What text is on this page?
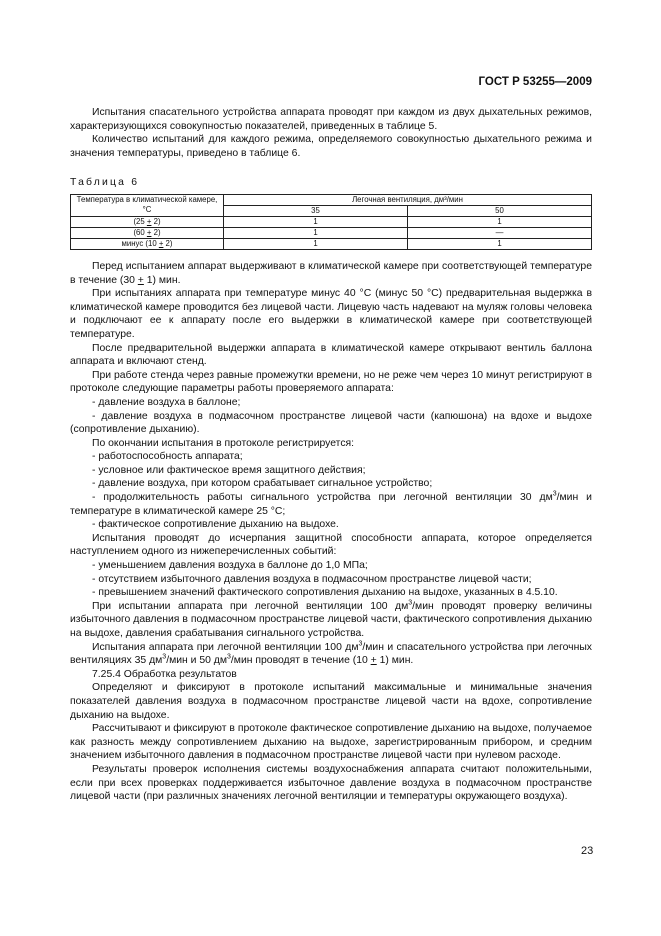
ГОСТ Р 53255—2009

Испытания спасательного устройства аппарата проводят при каждом из двух дыхательных режимов, характеризующихся совокупностью показателей, приведенных в таблице 5.

Количество испытаний для каждого режима, определяемого совокупностью дыхательного режима и значения температуры, приведено в таблице 6.

Таблица 6

Температура в климатической камере, °С	Легочная вентиляция, дм³/мин	
	35	50
(25 + 2)	1	1
(60 + 2)	1	—
минус (10 + 2)	1	1

Перед испытанием аппарат выдерживают в климатической камере при соответствующей температуре в течение (30 + 1) мин.

При испытаниях аппарата при температуре минус 40 °С (минус 50 °С) предварительная выдержка в климатической камере проводится без лицевой части. Лицевую часть надевают на муляж головы человека и подключают ее к аппарату после его выдержки в климатической камере при соответствующей температуре.

После предварительной выдержки аппарата в климатической камере открывают вентиль баллона аппарата и включают стенд.

При работе стенда через равные промежутки времени, но не реже чем через 10 минут регистрируют в протоколе следующие параметры работы проверяемого аппарата:

- давление воздуха в баллоне;

- давление воздуха в подмасочном пространстве лицевой части (капюшона) на вдохе и выдохе (сопротивление дыханию).

По окончании испытания в протоколе регистрируется:

- работоспособность аппарата;

- условное или фактическое время защитного действия;

- давление воздуха, при котором срабатывает сигнальное устройство;

- продолжительность работы сигнального устройства при легочной вентиляции 30 $дм^3$/мин и температуре в климатической камере 25 °С;

- фактическое сопротивление дыханию на выдохе.

Испытания проводят до исчерпания защитной способности аппарата, которое определяется наступлением одного из нижеперечисленных событий:

- уменьшением давления воздуха в баллоне до 1,0 МПа;

- отсутствием избыточного давления воздуха в подмасочном пространстве лицевой части;

- превышением значений фактического сопротивления дыханию на выдохе, указанных в 4.5.10.

При испытании аппарата при легочной вентиляции 100 $дм^3$/мин проводят проверку величины избыточного давления в подмасочном пространстве лицевой части, фактического сопротивления дыханию на выдохе, давления срабатывания сигнального устройства.

Испытания аппарата при легочной вентиляции 100 $дм^3$/мин и спасательного устройства при легочных вентиляциях 35 $дм^3$/мин и 50 $дм^3$/мин проводят в течение (10 + 1) мин.

7.25.4 Обработка результатов

Определяют и фиксируют в протоколе испытаний максимальные и минимальные значения показателей давления воздуха в подмасочном пространстве лицевой части на вдохе, сопротивление дыханию на выдохе.

Рассчитывают и фиксируют в протоколе фактическое сопротивление дыханию на выдохе, получаемое как разность между сопротивлением дыханию на выдохе, зарегистрированным прибором, и средним значением избыточного давления в подмасочном пространстве лицевой части при нулевом расходе.

Результаты проверок исполнения системы воздухоснабжения аппарата считают положительными, если при всех проверках поддерживается избыточное давление воздуха в подмасочном пространстве лицевой части (при различных значениях легочной вентиляции и температуры окружающего воздуха).

23
